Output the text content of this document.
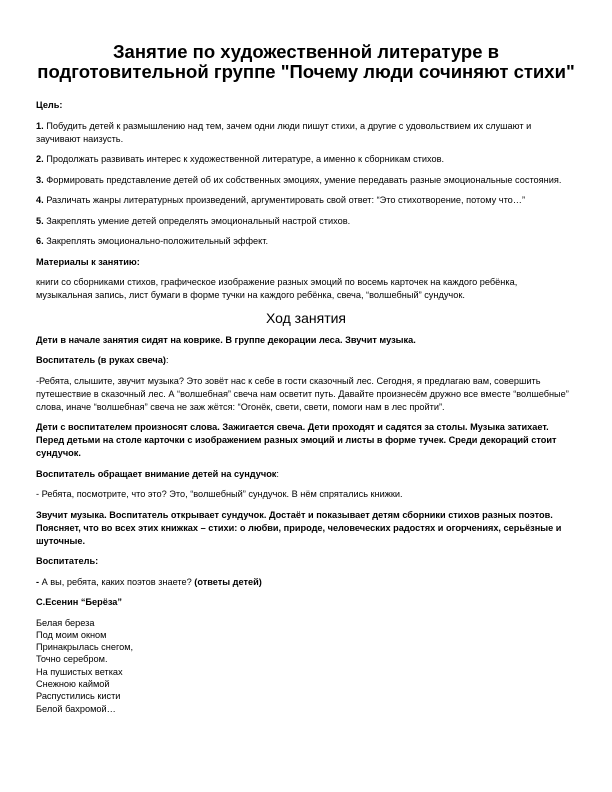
Занятие по художественной литературе в подготовительной группе "Почему люди сочиняют стихи"
Цель:
1. Побудить детей к размышлению над тем, зачем одни люди пишут стихи, а другие с удовольствием их слушают и заучивают наизусть.
2. Продолжать развивать интерес к художественной литературе, а именно к сборникам стихов.
3. Формировать представление детей об их собственных эмоциях, умение передавать разные эмоциональные состояния.
4. Различать жанры литературных произведений, аргументировать свой ответ: “Это стихотворение, потому что…”
5. Закреплять умение детей определять эмоциональный настрой стихов.
6. Закреплять эмоционально-положительный эффект.
Материалы к занятию:
книги со сборниками стихов, графическое изображение разных эмоций по восемь карточек на каждого ребёнка, музыкальная запись, лист бумаги в форме тучки на каждого ребёнка, свеча, “волшебный” сундучок.
Ход занятия
Дети в начале занятия сидят на коврике. В группе декорации леса. Звучит музыка.
Воспитатель (в руках свеча):
-Ребята, слышите, звучит музыка? Это зовёт нас к себе в гости сказочный лес. Сегодня, я предлагаю вам, совершить путешествие в сказочный лес. А “волшебная” свеча нам осветит путь. Давайте произнесём дружно все вместе “волшебные” слова, иначе “волшебная” свеча не заж жётся: “Огонёк, свети, свети, помоги нам в лес пройти”.
Дети с воспитателем произносят слова. Зажигается свеча. Дети проходят и садятся за столы. Музыка затихает. Перед детьми на столе карточки с изображением разных эмоций и листы в форме тучек. Среди декораций стоит сундучок.
Воспитатель обращает внимание детей на сундучок:
- Ребята, посмотрите, что это? Это, “волшебный” сундучок. В нём спрятались книжки.
Звучит музыка. Воспитатель открывает сундучок. Достаёт и показывает детям сборники стихов разных поэтов. Поясняет, что во всех этих книжках – стихи: о любви, природе, человеческих радостях и огорчениях, серьёзные и шуточные.
Воспитатель:
- А вы, ребята, каких поэтов знаете? (ответы детей)
С.Есенин “Берёза”
Белая береза
Под моим окном
Принакрылась снегом,
Точно серебром.
На пушистых ветках
Снежною каймой
Распустились кисти
Белой бахромой…
